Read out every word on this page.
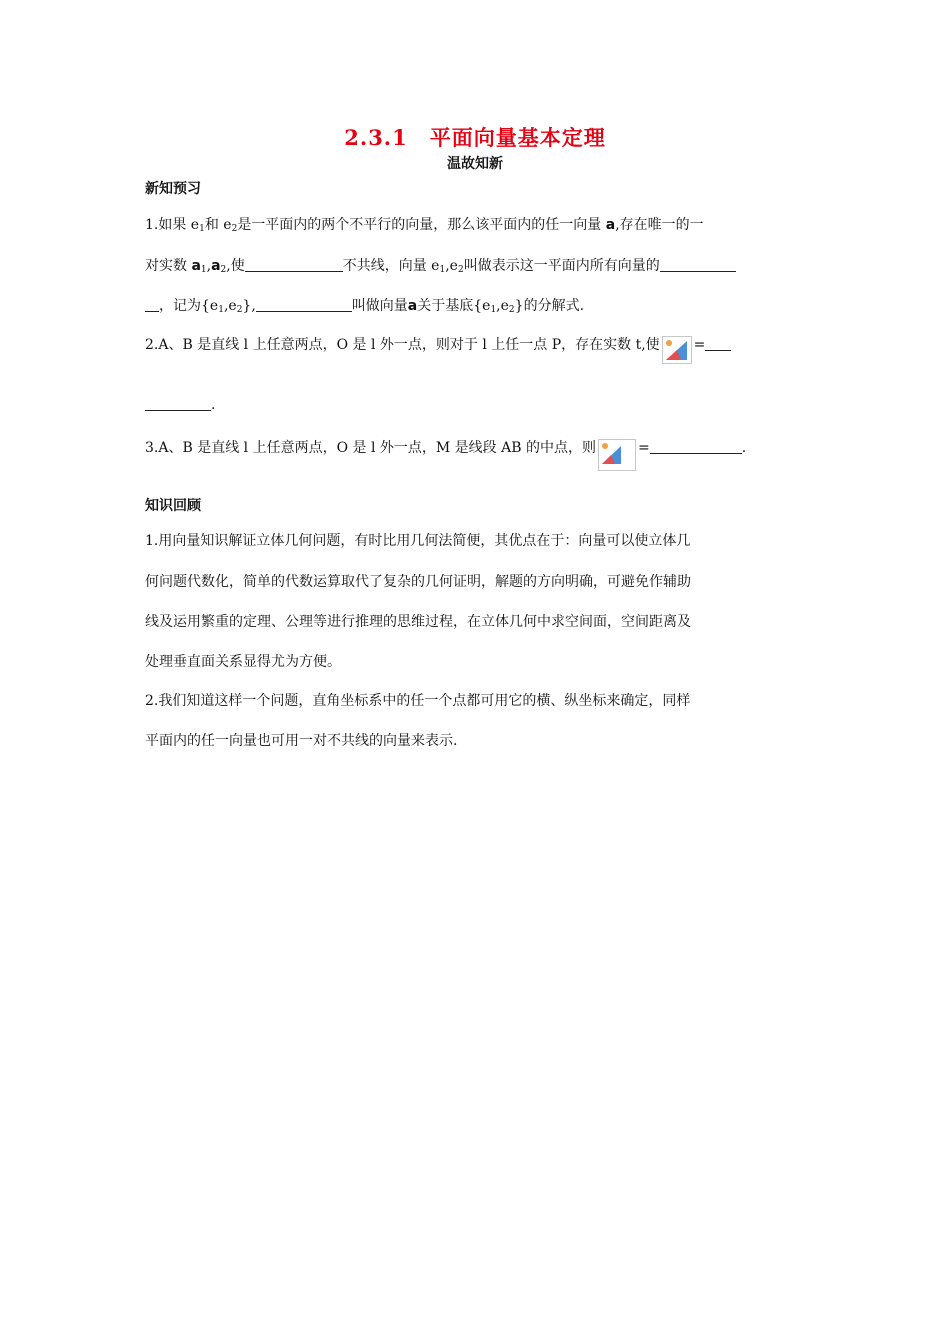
2.3.1　平面向量基本定理
温故知新
新知预习
1.如果 $e_1$和 $e_2$是一平面内的两个不平行的向量，那么该平面内的任一向量 a,存在唯一的一
对实数 $a_1,a_2$,使	不共线，向量 $e_1,e_2$叫做表示这一平面内所有向量的
，记为$\{e_1,e_2\}$,	叫做向量a关于基底$\{e_1,e_2\}$的分解式.
2.A、B 是直线 l 上任意两点，O 是 l 外一点，则对于 l 上任一点 P，存在实数 t,使 =
.
3.A、B 是直线 l 上任意两点，O 是 l 外一点，M 是线段 AB 的中点，则	=	.
知识回顾
1.用向量知识解证立体几何问题，有时比用几何法简便，其优点在于：向量可以使立体几
何问题代数化，简单的代数运算取代了复杂的几何证明，解题的方向明确，可避免作辅助
线及运用繁重的定理、公理等进行推理的思维过程，在立体几何中求空间面，空间距离及
处理垂直面关系显得尤为方便。
2.我们知道这样一个问题，直角坐标系中的任一个点都可用它的横、纵坐标来确定，同样
平面内的任一向量也可用一对不共线的向量来表示.
